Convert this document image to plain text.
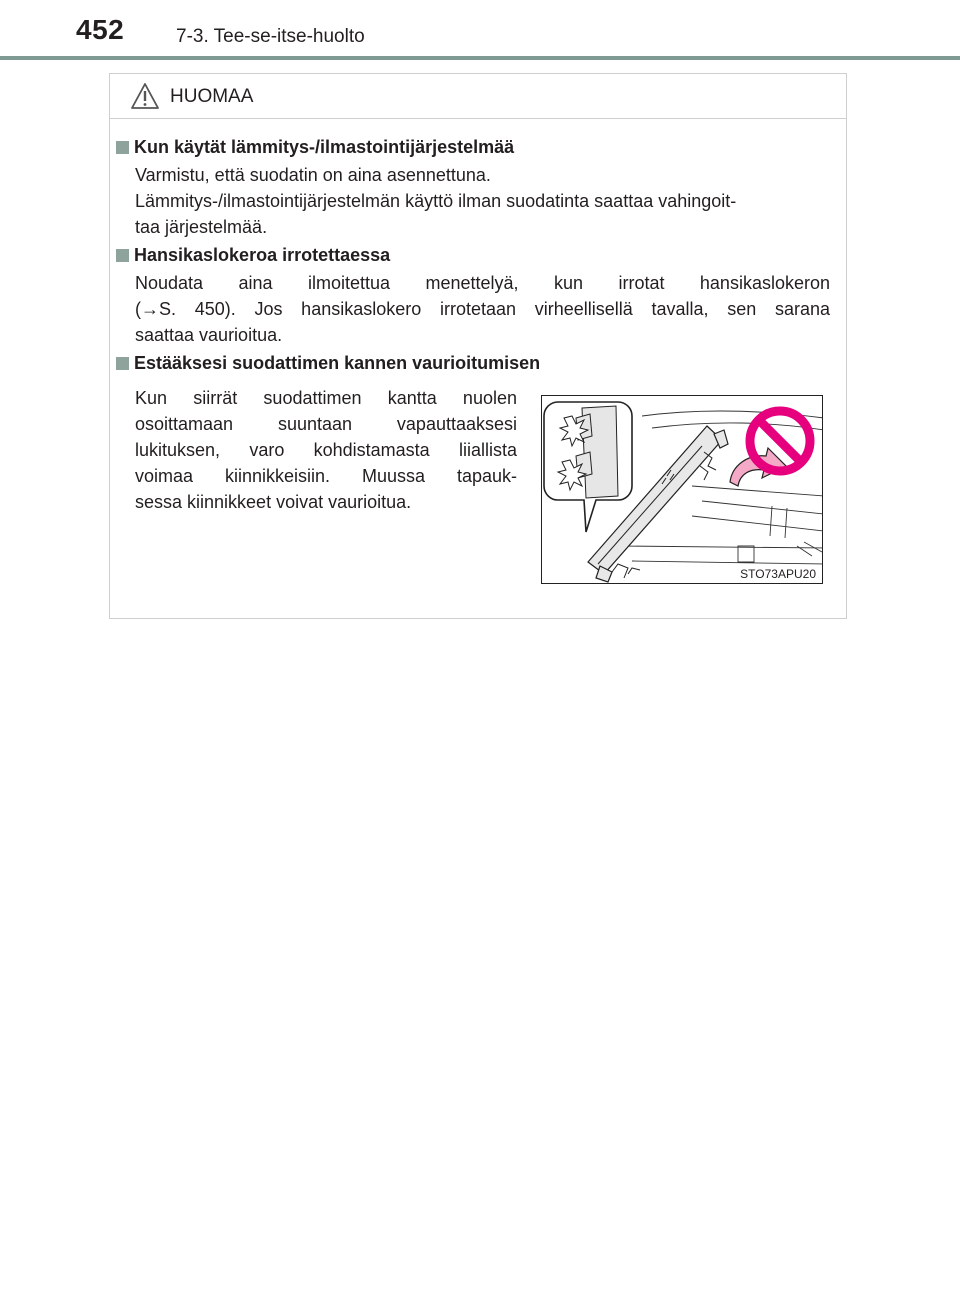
452	7-3. Tee-se-itse-huolto
HUOMAA
Kun käytät lämmitys-/ilmastointijärjestelmää

Varmistu, että suodatin on aina asennettuna.
Lämmitys-/ilmastointijärjestelmän käyttö ilman suodatinta saattaa vahingoit-
taa järjestelmää.

Hansikaslokeroa irrotettaessa

Noudata aina ilmoitettua menettelyä, kun irrotat hansikaslokeron
(→S. 450). Jos hansikaslokero irrotetaan virheellisellä tavalla, sen sarana
saattaa vaurioitua.

Estääksesi suodattimen kannen vaurioitumisen

Kun siirrät suodattimen kantta nuolen
osoittamaan suuntaan vapauttaaksesi
lukituksen, varo kohdistamasta liiallista
voimaa kiinnikkeisiin. Muussa tapauk-
sessa kiinnikkeet voivat vaurioitua.

STO73APU20
